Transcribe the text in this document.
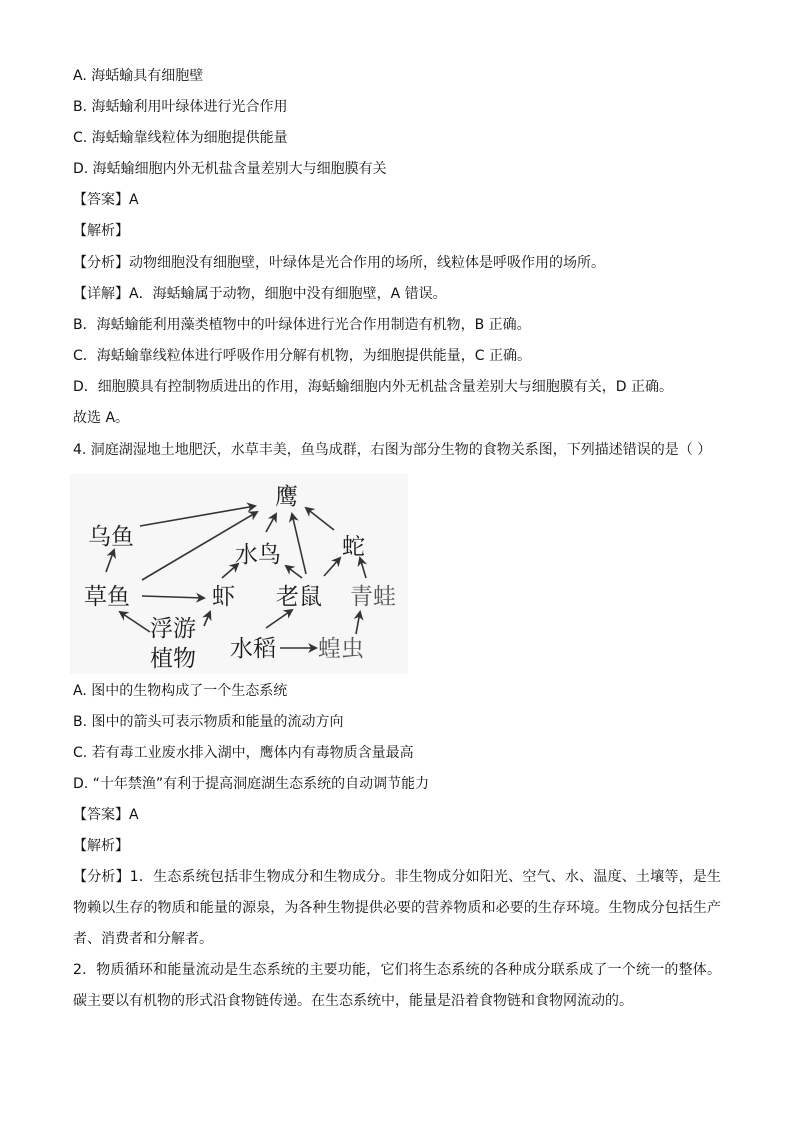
A. 海蛞蝓具有细胞壁
B. 海蛞蝓利用叶绿体进行光合作用
C. 海蛞蝓靠线粒体为细胞提供能量
D. 海蛞蝓细胞内外无机盐含量差别大与细胞膜有关
【答案】A
【解析】
【分析】动物细胞没有细胞壁，叶绿体是光合作用的场所，线粒体是呼吸作用的场所。
【详解】A．海蛞蝓属于动物，细胞中没有细胞壁，A 错误。
B．海蛞蝓能利用藻类植物中的叶绿体进行光合作用制造有机物，B 正确。
C．海蛞蝓靠线粒体进行呼吸作用分解有机物，为细胞提供能量，C 正确。
D．细胞膜具有控制物质进出的作用，海蛞蝓细胞内外无机盐含量差别大与细胞膜有关，D 正确。
故选 A。
4. 洞庭湖湿地土地肥沃，水草丰美，鱼鸟成群，右图为部分生物的食物关系图，下列描述错误的是（ ）
鹰
乌鱼
水鸟	蛇
草鱼	虾 老鼠 青蛙
浮游
植物 水稻 蝗虫
A. 图中的生物构成了一个生态系统
B. 图中的箭头可表示物质和能量的流动方向
C. 若有毒工业废水排入湖中，鹰体内有毒物质含量最高
D. “十年禁渔”有利于提高洞庭湖生态系统的自动调节能力
【答案】A
【解析】
【分析】1．生态系统包括非生物成分和生物成分。非生物成分如阳光、空气、水、温度、土壤等，是生物赖以生存的物质和能量的源泉，为各种生物提供必要的营养物质和必要的生存环境。生物成分包括生产者、消费者和分解者。
2．物质循环和能量流动是生态系统的主要功能，它们将生态系统的各种成分联系成了一个统一的整体。碳主要以有机物的形式沿食物链传递。在生态系统中，能量是沿着食物链和食物网流动的。
